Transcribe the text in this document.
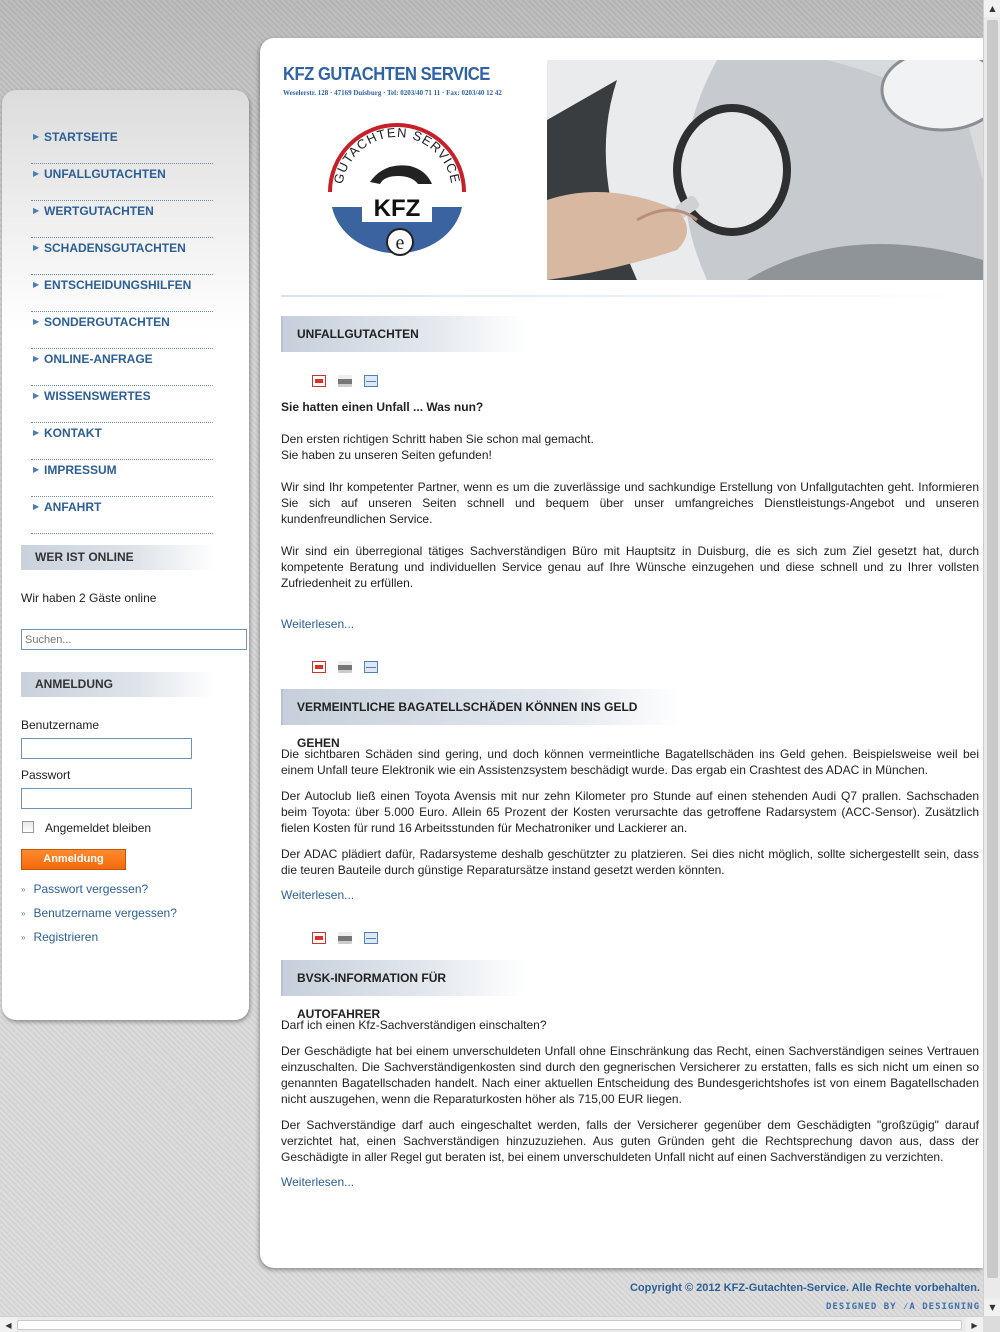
▶ STARTSEITE
▶ UNFALLGUTACHTEN
▶ WERTGUTACHTEN
▶ SCHADENSGUTACHTEN
▶ ENTSCHEIDUNGSHILFEN
▶ SONDERGUTACHTEN
▶ ONLINE-ANFRAGE
▶ WISSENSWERTES
▶ KONTAKT
▶ IMPRESSUM
▶ ANFAHRT
WER IST ONLINE
Wir haben 2 Gäste online
Suchen...
ANMELDUNG
Benutzername
Passwort
Angemeldet bleiben
Anmeldung
» Passwort vergessen?
» Benutzername vergessen?
» Registrieren
KFZ GUTACHTEN SERVICE
Weselerstr. 128 · 47169 Duisburg · Tel: 0203/40 71 11 · Fax: 0203/40 12 42
KFZ
GUTACHTEN SERVICE
e
UNFALLGUTACHTEN
Sie hatten einen Unfall ... Was nun?
Den ersten richtigen Schritt haben Sie schon mal gemacht.
Sie haben zu unseren Seiten gefunden!
Wir sind Ihr kompetenter Partner, wenn es um die zuverlässige und sachkundige Erstellung von Unfallgutachten geht. Informieren Sie sich auf unseren Seiten schnell und bequem über unser umfangreiches Dienstleistungs-Angebot und unseren kundenfreundlichen Service.
Wir sind ein überregional tätiges Sachverständigen Büro mit Hauptsitz in Duisburg, die es sich zum Ziel gesetzt hat, durch kompetente Beratung und individuellen Service genau auf Ihre Wünsche einzugehen und diese schnell und zu Ihrer vollsten Zufriedenheit zu erfüllen.
Weiterlesen...
VERMEINTLICHE BAGATELLSCHÄDEN KÖNNEN INS GELD GEHEN
Die sichtbaren Schäden sind gering, und doch können vermeintliche Bagatellschäden ins Geld gehen. Beispielsweise weil bei einem Unfall teure Elektronik wie ein Assistenzsystem beschädigt wurde. Das ergab ein Crashtest des ADAC in München.
Der Autoclub ließ einen Toyota Avensis mit nur zehn Kilometer pro Stunde auf einen stehenden Audi Q7 prallen. Sachschaden beim Toyota: über 5.000 Euro. Allein 65 Prozent der Kosten verursachte das getroffene Radarsystem (ACC-Sensor). Zusätzlich fielen Kosten für rund 16 Arbeitsstunden für Mechatroniker und Lackierer an.
Der ADAC plädiert dafür, Radarsysteme deshalb geschützter zu platzieren. Sei dies nicht möglich, sollte sichergestellt sein, dass die teuren Bauteile durch günstige Reparatursätze instand gesetzt werden könnten.
Weiterlesen...
BVSK-INFORMATION FÜR AUTOFAHRER
Darf ich einen Kfz-Sachverständigen einschalten?
Der Geschädigte hat bei einem unverschuldeten Unfall ohne Einschränkung das Recht, einen Sachverständigen seines Vertrauen einzuschalten. Die Sachverständigenkosten sind durch den gegnerischen Versicherer zu erstatten, falls es sich nicht um einen so genannten Bagatellschaden handelt. Nach einer aktuellen Entscheidung des Bundesgerichtshofes ist von einem Bagatellschaden nicht auszugehen, wenn die Reparaturkosten höher als 715,00 EUR liegen.
Der Sachverständige darf auch eingeschaltet werden, falls der Versicherer gegenüber dem Geschädigten "großzügig" darauf verzichtet hat, einen Sachverständigen hinzuzuziehen. Aus guten Gründen geht die Rechtsprechung davon aus, dass der Geschädigte in aller Regel gut beraten ist, bei einem unverschuldeten Unfall nicht auf einen Sachverständigen zu verzichten.
Weiterlesen...
Copyright © 2012 KFZ-Gutachten-Service. Alle Rechte vorbehalten.
DESIGNED BY ⁄A DESIGNING
▲
▼
◀	▶
